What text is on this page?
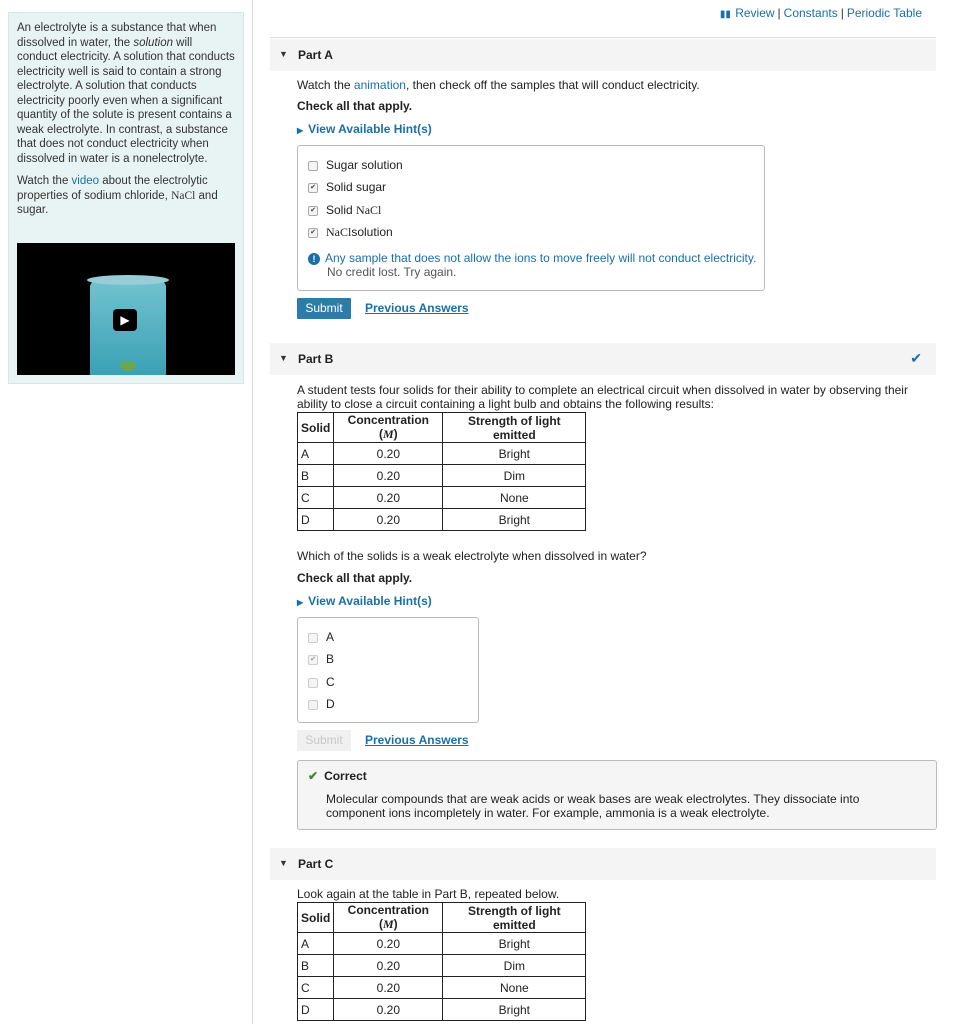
An electrolyte is a substance that when dissolved in water, the solution will conduct electricity. A solution that conducts electricity well is said to contain a strong electrolyte. A solution that conducts electricity poorly even when a significant quantity of the solute is present contains a weak electrolyte. In contrast, a substance that does not conduct electricity when dissolved in water is a nonelectrolyte.

Watch the video about the electrolytic properties of sodium chloride, NaCl and sugar.

▶
▮▮ Review | Constants | Periodic Table
▼ Part A
Watch the animation, then check off the samples that will conduct electricity.
Check all that apply.
▶ View Available Hint(s)
Sugar solution
✔ Solid sugar
✔ Solid NaCl
✔ NaClsolution
! Any sample that does not allow the ions to move freely will not conduct electricity.
No credit lost. Try again.
Submit	Previous Answers
▼ Part B	✔
A student tests four solids for their ability to complete an electrical circuit when dissolved in water by observing their ability to close a circuit containing a light bulb and obtains the following results:
Solid	Concentration (M)	Strength of light emitted
A	0.20	Bright
B	0.20	Dim
C	0.20	None
D	0.20	Bright
Which of the solids is a weak electrolyte when dissolved in water?
Check all that apply.
▶ View Available Hint(s)
A
✔ B
C
D
Submit	Previous Answers
✔ Correct
Molecular compounds that are weak acids or weak bases are weak electrolytes. They dissociate into component ions incompletely in water. For example, ammonia is a weak electrolyte.
▼ Part C
Look again at the table in Part B, repeated below.
Solid	Concentration (M)	Strength of light emitted
A	0.20	Bright
B	0.20	Dim
C	0.20	None
D	0.20	Bright
